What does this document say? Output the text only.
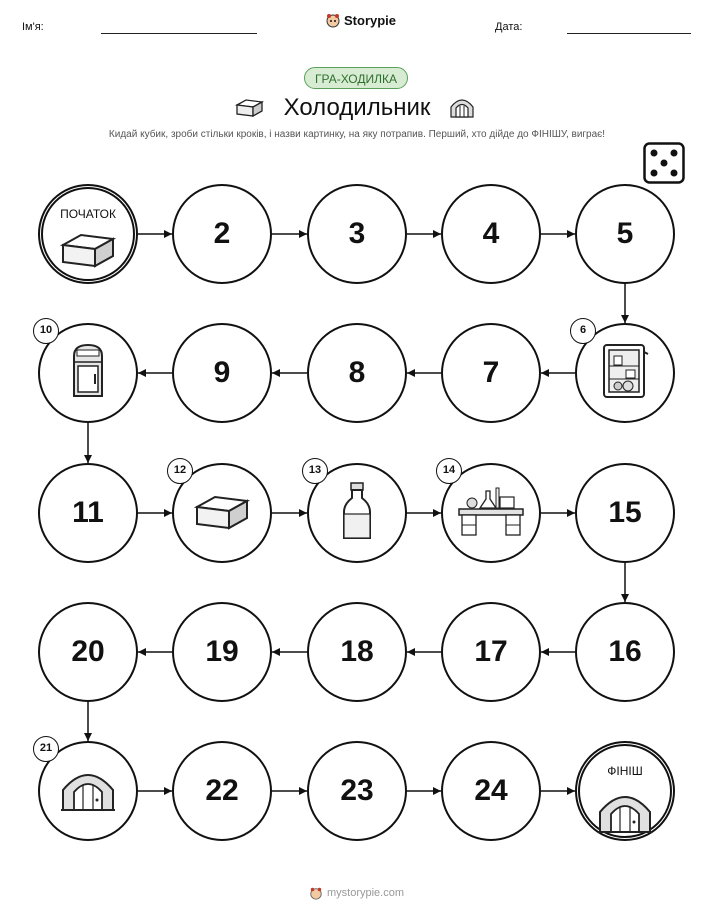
Ім'я:	Storypie	Дата:
ГРА-ХОДИЛКА
Холодильник
Кидай кубик, зроби стільки кроків, і назви картинку, на яку потрапив. Перший, хто дійде до ФІНІШУ, виграє!
ПОЧАТОК
2	3	4	5
6
7
8
9
10
11
12	13	14
15
16
17
18
19
20
21
22	23	24
ФІНІШ
mystorypie.com
